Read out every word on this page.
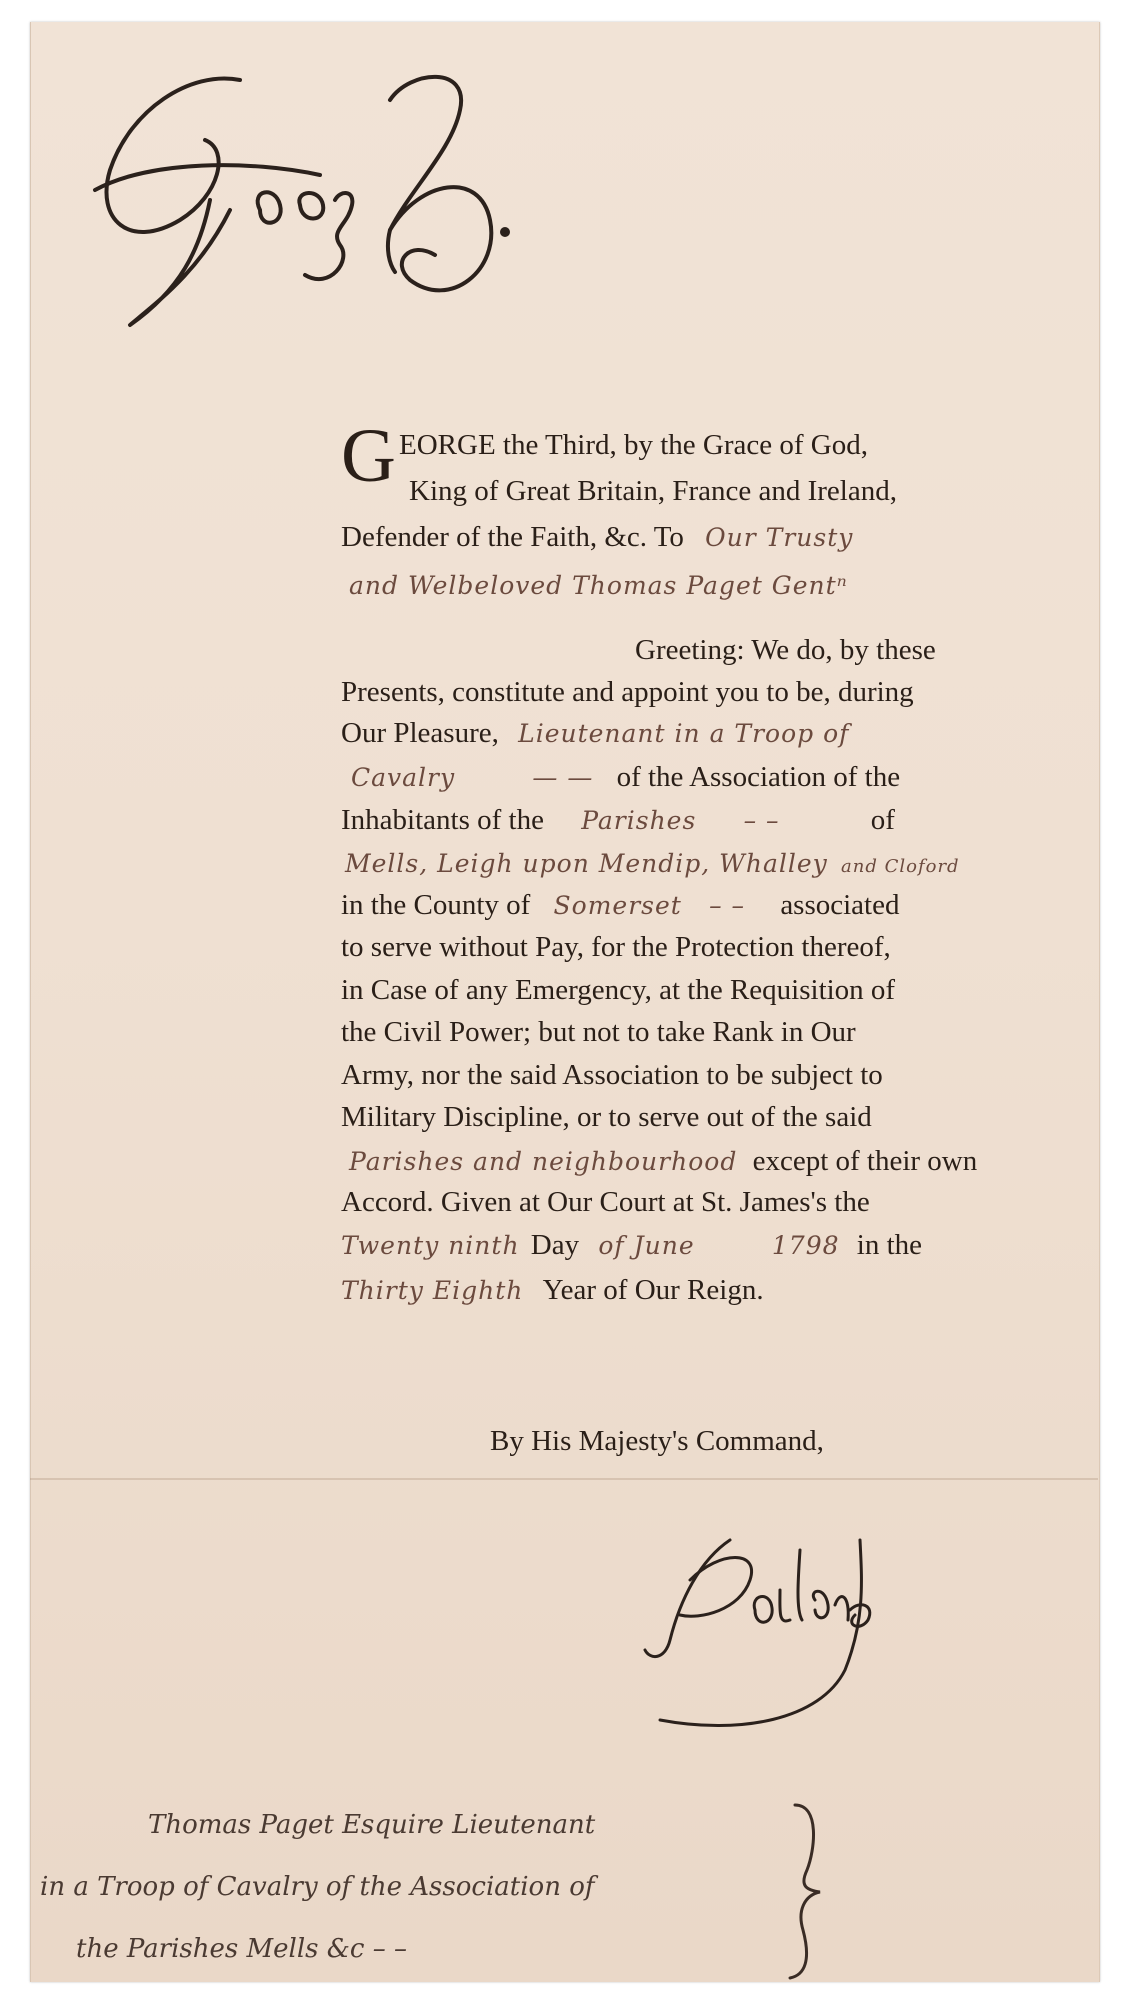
G EORGE the Third, by the Grace of God,
King of Great Britain, France and Ireland,
Defender of the Faith, &c. To Our Trusty
and Welbeloved Thomas Paget Gentⁿ
Greeting: We do, by these
Presents, constitute and appoint you to be, during
Our Pleasure, Lieutenant in a Troop of
Cavalry	— — of the Association of the
Inhabitants of the Parishes – –	of
Mells, Leigh upon Mendip, Whalley and Cloford
in the County of Somerset – – associated
to serve without Pay, for the Protection thereof,
in Case of any Emergency, at the Requisition of
the Civil Power; but not to take Rank in Our
Army, nor the said Association to be subject to
Military Discipline, or to serve out of the said
Parishes and neighbourhood except of their own
Accord. Given at Our Court at St. James's the
Twenty ninth Day of June	1798 in the
Thirty Eighth Year of Our Reign.
By His Majesty's Command,
Thomas Paget Esquire Lieutenant
in a Troop of Cavalry of the Association of
the Parishes Mells &c – –
